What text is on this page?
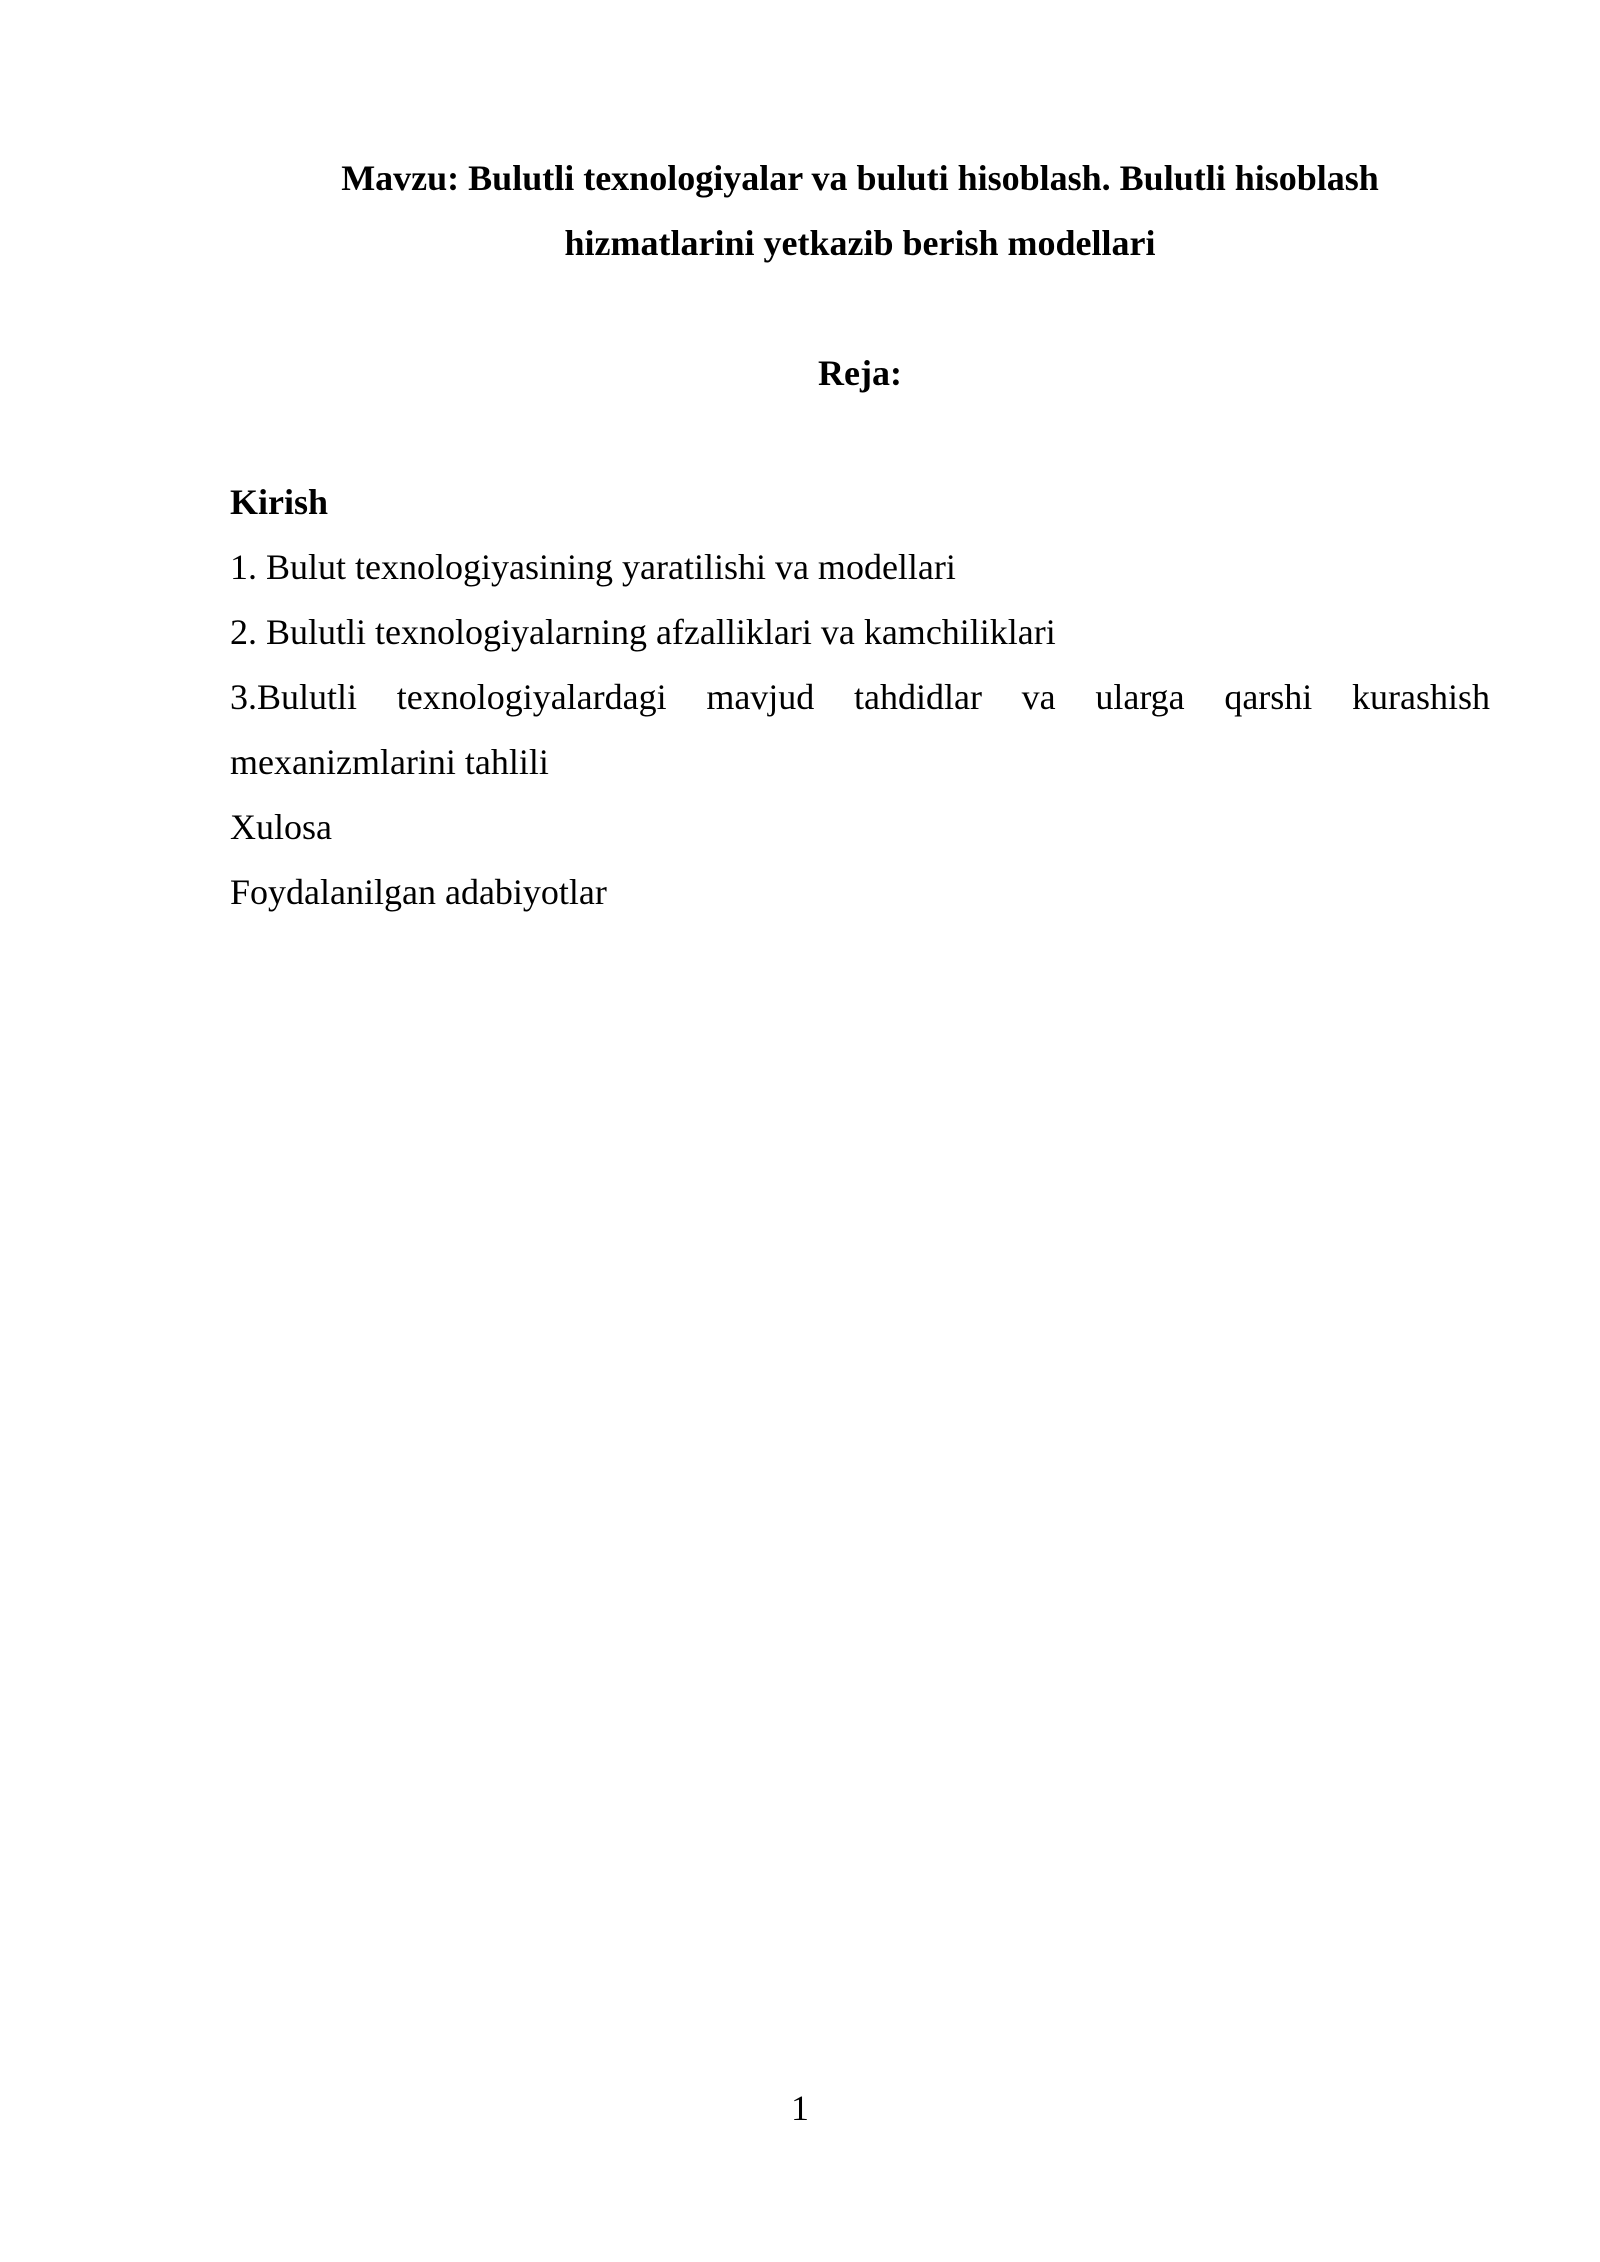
Mavzu: Bulutli texnologiyalar va buluti hisoblash. Bulutli hisoblash
hizmatlarini yetkazib berish modellari
Reja:
Kirish
1. Bulut texnologiyasining yaratilishi va modellari
2. Bulutli texnologiyalarning afzalliklari va kamchiliklari
3.Bulutli texnologiyalardagi mavjud tahdidlar va ularga qarshi kurashish
mexanizmlarini tahlili
Xulosa
Foydalanilgan adabiyotlar
1
